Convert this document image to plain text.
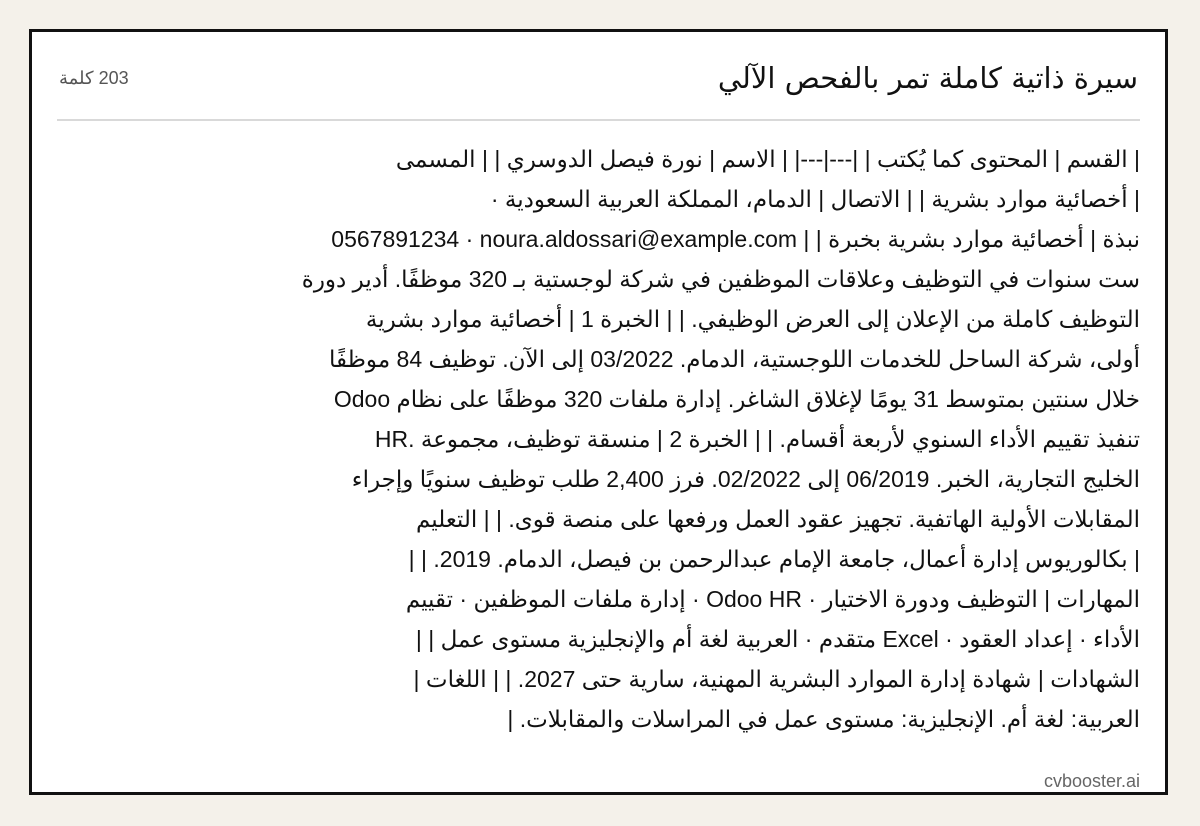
سيرة ذاتية كاملة تمر بالفحص الآلي
203 كلمة
| القسم | المحتوى كما يُكتب | |---|---| | الاسم | نورة فيصل الدوسري | | المسمى
| أخصائية موارد بشرية | | الاتصال | الدمام، المملكة العربية السعودية ·
0567891234 · noura.aldossari@example.com | | نبذة | أخصائية موارد بشرية بخبرة
ست سنوات في التوظيف وعلاقات الموظفين في شركة لوجستية بـ 320 موظفًا. أدير دورة
التوظيف كاملة من الإعلان إلى العرض الوظيفي. | | الخبرة 1 | أخصائية موارد بشرية
أولى، شركة الساحل للخدمات اللوجستية، الدمام. 03/2022 إلى الآن. توظيف 84 موظفًا
خلال سنتين بمتوسط 31 يومًا لإغلاق الشاغر. إدارة ملفات 320 موظفًا على نظام Odoo
HR. تنفيذ تقييم الأداء السنوي لأربعة أقسام. | | الخبرة 2 | منسقة توظيف، مجموعة
الخليج التجارية، الخبر. 06/2019 إلى 02/2022. فرز 2,400 طلب توظيف سنويًا وإجراء
المقابلات الأولية الهاتفية. تجهيز عقود العمل ورفعها على منصة قوى. | | التعليم
| بكالوريوس إدارة أعمال، جامعة الإمام عبدالرحمن بن فيصل، الدمام. 2019. | |
المهارات | التوظيف ودورة الاختيار · Odoo HR · إدارة ملفات الموظفين · تقييم
الأداء · إعداد العقود · Excel متقدم · العربية لغة أم والإنجليزية مستوى عمل | |
الشهادات | شهادة إدارة الموارد البشرية المهنية، سارية حتى 2027. | | اللغات |
العربية: لغة أم. الإنجليزية: مستوى عمل في المراسلات والمقابلات. |
cvbooster.ai
